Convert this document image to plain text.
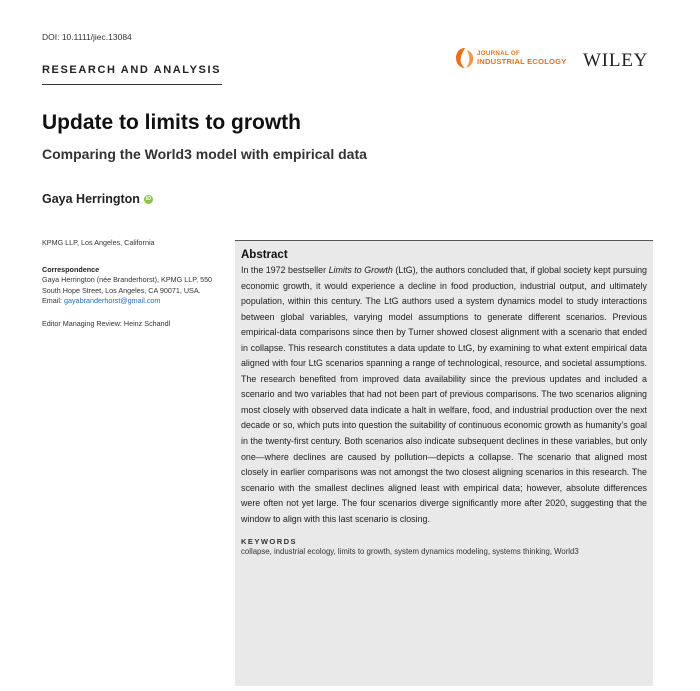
DOI: 10.1111/jiec.13084
RESEARCH AND ANALYSIS
JOURNAL OF
INDUSTRIAL ECOLOGY WILEY
Update to limits to growth
Comparing the World3 model with empirical data
Gaya Herrington	iD

KPMG LLP, Los Angeles, California

Correspondence

Gaya Herrington (née Branderhorst), KPMG LLP, 550 South Hope Street, Los Angeles, CA 90071, USA.
Email: gayabranderhorst@gmail.com

Editor Managing Review: Heinz Schandl

Abstract

In the 1972 bestseller Limits to Growth (LtG), the authors concluded that, if global society kept pursuing economic growth, it would experience a decline in food production, industrial output, and ultimately population, within this century. The LtG authors used a system dynamics model to study interactions between global variables, varying model assumptions to generate different scenarios. Previous empirical-data comparisons since then by Turner showed closest alignment with a scenario that ended in collapse. This research constitutes a data update to LtG, by examining to what extent empirical data aligned with four LtG scenarios spanning a range of technological, resource, and societal assumptions. The research benefited from improved data availability since the previous updates and included a scenario and two variables that had not been part of previous comparisons. The two scenarios aligning most closely with observed data indicate a halt in welfare, food, and industrial production over the next decade or so, which puts into question the suitability of continuous economic growth as humanity’s goal in the twenty-first century. Both scenarios also indicate subsequent declines in these variables, but only one—where declines are caused by pollution—depicts a collapse. The scenario that aligned most closely in earlier comparisons was not amongst the two closest aligning scenarios in this research. The scenario with the smallest declines aligned least with empirical data; however, absolute differences were often not yet large. The four scenarios diverge significantly more after 2020, suggesting that the window to align with this last scenario is closing.

KEYWORDS

collapse, industrial ecology, limits to growth, system dynamics modeling, systems thinking, World3
